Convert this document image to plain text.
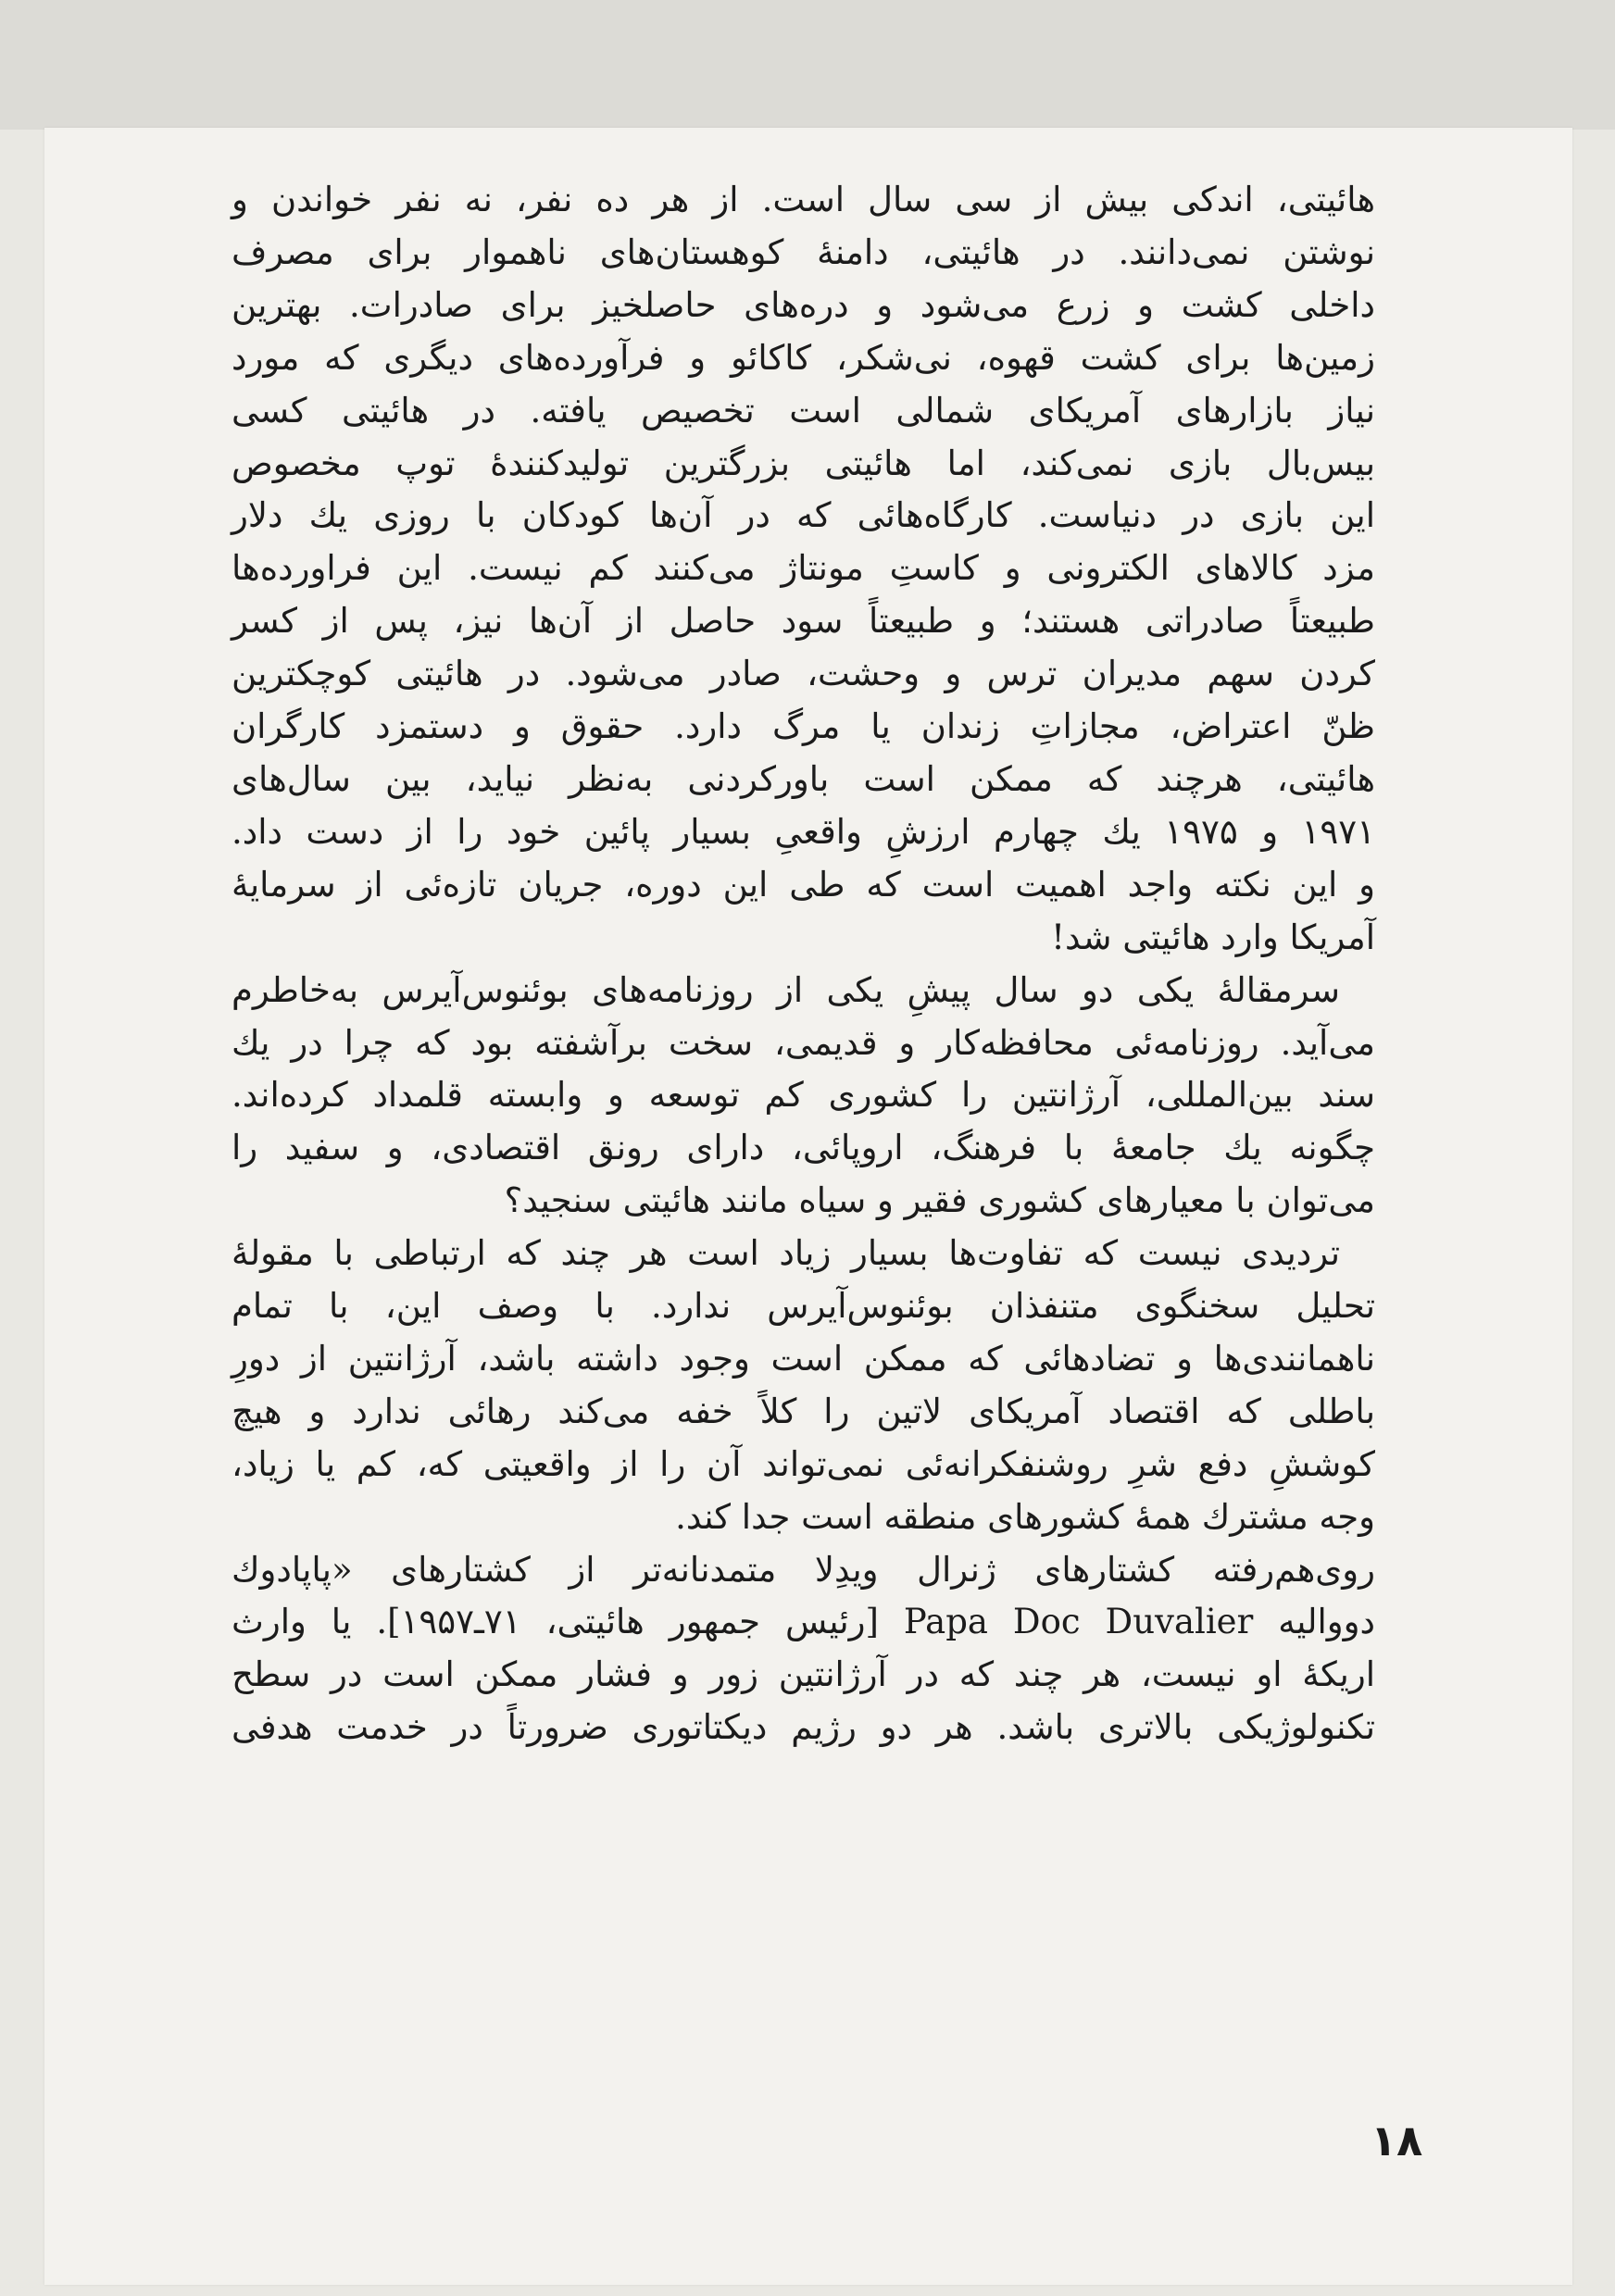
هائیتی، اندکی بیش از سی سال است. از هر ده نفر، نه نفر خواندن و

نوشتن نمی‌دانند. در هائیتی، دامنهٔ کوهستان‌های ناهموار برای مصرف

داخلی کشت و زرع می‌شود و دره‌های حاصلخیز برای صادرات. بهترین

زمین‌ها برای کشت قهوه، نی‌شکر، کاکائو و فرآورده‌های دیگری که مورد

نیاز بازارهای آمریکای شمالی است تخصیص یافته. در هائیتی کسی

بیس‌بال بازی نمی‌کند، اما هائیتی بزرگترین تولیدکنندهٔ توپ مخصوص

این بازی در دنیاست. کارگاه‌هائی که در آن‌ها کودکان با روزی یك دلار

مزد کالاهای الکترونی و کاستِ مونتاژ می‌کنند کم نیست. این فراورده‌ها

طبیعتاً صادراتی هستند؛ و طبیعتاً سود حاصل از آن‌ها نیز، پس از کسر

کردن سهم مدیران ترس و وحشت، صادر می‌شود. در هائیتی کوچکترین

ظنّ اعتراض، مجازاتِ زندان یا مرگ دارد. حقوق و دستمزد کارگران

هائیتی، هرچند که ممکن است باورکردنی به‌نظر نیاید، بین سال‌های

۱۹۷۱ و ۱۹۷۵ یك چهارم ارزشِ واقعیِ بسیار پائین خود را از دست داد.

و این نکته واجد اهمیت است که طی این دوره، جریان تازه‌ئی از سرمایهٔ

آمریکا وارد هائیتی شد!

سرمقالهٔ یکی دو سال پیشِ یکی از روزنامه‌های بوئنوس‌آیرس به‌خاطرم

می‌آید. روزنامه‌ئی محافظه‌کار و قدیمی، سخت برآشفته بود که چرا در یك

سند بین‌المللی، آرژانتین را کشوری کم توسعه و وابسته قلمداد کرده‌اند.

چگونه یك جامعهٔ با فرهنگ، اروپائی، دارای رونق اقتصادی، و سفید را

می‌توان با معیارهای کشوری فقیر و سیاه مانند هائیتی سنجید؟

تردیدی نیست که تفاوت‌ها بسیار زیاد است هر چند که ارتباطی با مقولهٔ

تحلیل سخنگوی متنفذان بوئنوس‌آیرس ندارد. با وصف این، با تمام

ناهمانندی‌ها و تضادهائی که ممکن است وجود داشته باشد، آرژانتین از دورِ

باطلی که اقتصاد آمریکای لاتین را کلاً خفه می‌کند رهائی ندارد و هیچ

کوششِ دفع شرِ روشنفکرانه‌ئی نمی‌تواند آن را از واقعیتی که، کم یا زیاد،

وجه مشترك همهٔ کشورهای منطقه است جدا کند.

روی‌هم‌رفته کشتارهای ژنرال ویدِلا متمدنانه‌تر از کشتارهای «پاپادوك

دووالیه Papa Doc Duvalier [رئیس جمهور هائیتی، ۷۱ـ۱۹۵۷]. یا وارث

اریکهٔ او نیست، هر چند که در آرژانتین زور و فشار ممکن است در سطح

تکنولوژیکی بالاتری باشد. هر دو رژیم دیکتاتوری ضرورتاً در خدمت هدفی

۱۸
